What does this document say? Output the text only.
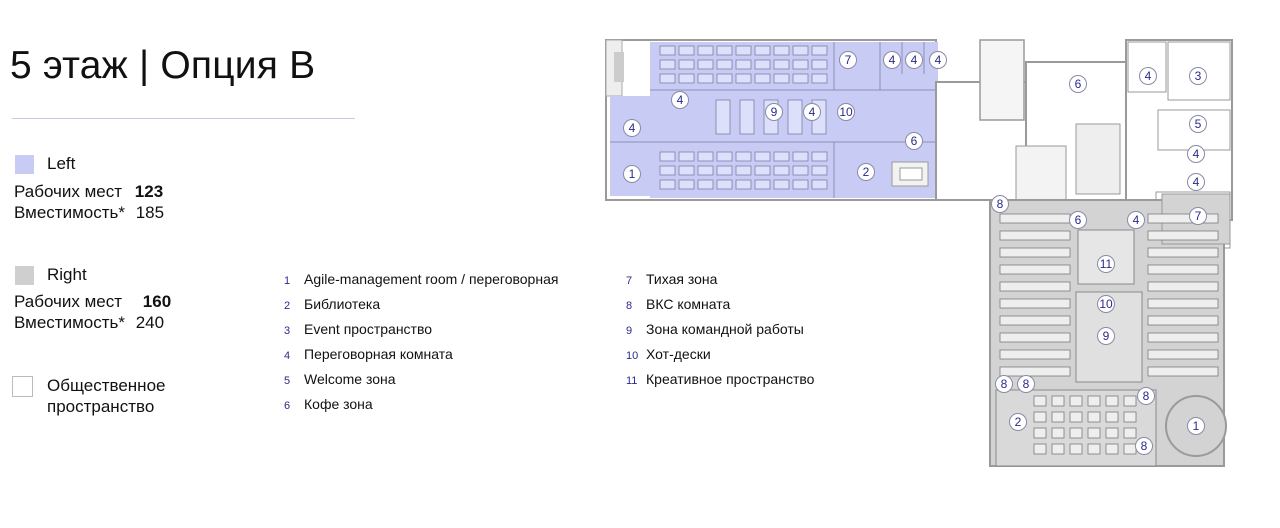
5 этаж | Опция В
Left
Рабочих мест 123
Вместимость* 185
Right
Рабочих мест 160
Вместимость* 240
Общественное
пространство
1 Agile-management room / переговорная
2 Библиотека
3 Event пространство
4 Переговорная комната
5 Welcome зона
6 Кофе зона
7 Тихая зона
8 ВКС комната
9 Зона командной работы
10 Хот-дески
11 Креативное пространство
1	2
4
4 4 4
4
7
9	4 10
6
6
3
4
5
4
4
8
6	4	7
11
10
9
8 8
8
2
8
1
